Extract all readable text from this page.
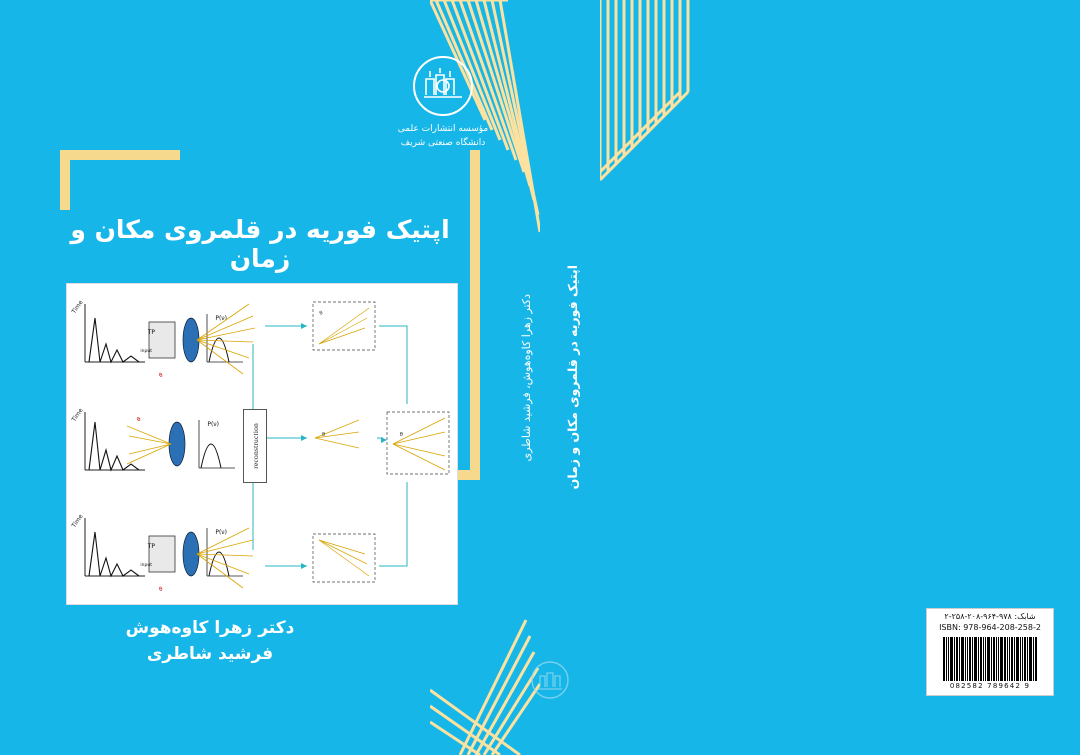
اپتیک فوریه در قلمروی مکان و زمان
Time
TP
input
P(ν)
θ
θ
Time
P(ν)
θ
θ
Time
TP
input
P(ν)
θ
θ
reconstruction
دکتر زهرا کاوه‌هوش
فرشید شاطری
اپتیک فوریه در قلمروی مکان و زمان
دکتر زهرا کاوه‌هوش، فرشید شاطری
مؤسسه انتشارات علمی
دانشگاه صنعتی شریف
شابک: ۹۷۸-۹۶۴-۲۰۸-۲۵۸-۲
ISBN: 978-964-208-258-2
9 789642 082582
